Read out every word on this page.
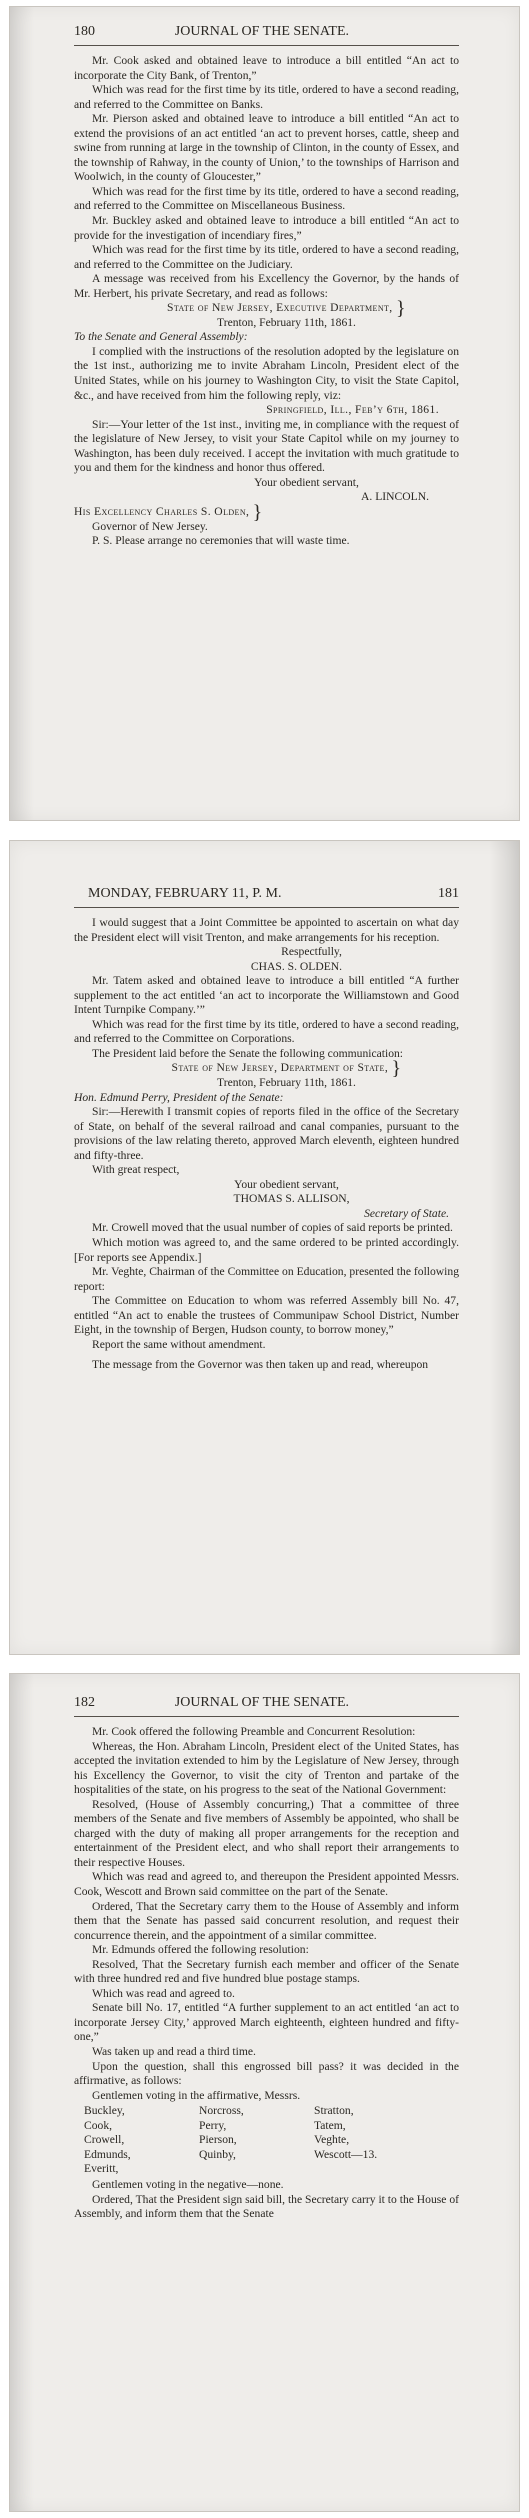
180	JOURNAL OF THE SENATE.

Mr. Cook asked and obtained leave to introduce a bill entitled “An act to incorporate the City Bank, of Trenton,”

Which was read for the first time by its title, ordered to have a second reading, and referred to the Committee on Banks.

Mr. Pierson asked and obtained leave to introduce a bill entitled “An act to extend the provisions of an act entitled ‘an act to prevent horses, cattle, sheep and swine from running at large in the township of Clinton, in the county of Essex, and the township of Rahway, in the county of Union,’ to the townships of Harrison and Woolwich, in the county of Gloucester,”

Which was read for the first time by its title, ordered to have a second reading, and referred to the Committee on Miscellaneous Business.

Mr. Buckley asked and obtained leave to introduce a bill entitled “An act to provide for the investigation of incendiary fires,”

Which was read for the first time by its title, ordered to have a second reading, and referred to the Committee on the Judiciary.

A message was received from his Excellency the Governor, by the hands of Mr. Herbert, his private Secretary, and read as follows:

State of New Jersey, Executive Department, }

Trenton, February 11th, 1861.

To the Senate and General Assembly:

I complied with the instructions of the resolution adopted by the legislature on the 1st inst., authorizing me to invite Abraham Lincoln, President elect of the United States, while on his journey to Washington City, to visit the State Capitol, &c., and have received from him the following reply, viz:

Springfield, Ill., Feb’y 6th, 1861.

Sir:—Your letter of the 1st inst., inviting me, in compliance with the request of the legislature of New Jersey, to visit your State Capitol while on my journey to Washington, has been duly received. I accept the invitation with much gratitude to you and them for the kindness and honor thus offered.

Your obedient servant,

A. LINCOLN.

His Excellency Charles S. Olden, }

Governor of New Jersey.

P. S. Please arrange no ceremonies that will waste time.

MONDAY, FEBRUARY 11, P. M.	181

I would suggest that a Joint Committee be appointed to ascertain on what day the President elect will visit Trenton, and make arrangements for his reception.

Respectfully,

CHAS. S. OLDEN.

Mr. Tatem asked and obtained leave to introduce a bill entitled “A further supplement to the act entitled ‘an act to incorporate the Williamstown and Good Intent Turnpike Company.’”

Which was read for the first time by its title, ordered to have a second reading, and referred to the Committee on Corporations.

The President laid before the Senate the following communication:

State of New Jersey, Department of State, }

Trenton, February 11th, 1861.

Hon. Edmund Perry, President of the Senate:

Sir:—Herewith I transmit copies of reports filed in the office of the Secretary of State, on behalf of the several railroad and canal companies, pursuant to the provisions of the law relating thereto, approved March eleventh, eighteen hundred and fifty-three.

With great respect,

Your obedient servant,

THOMAS S. ALLISON,

Secretary of State.

Mr. Crowell moved that the usual number of copies of said reports be printed.

Which motion was agreed to, and the same ordered to be printed accordingly. [For reports see Appendix.]

Mr. Veghte, Chairman of the Committee on Education, presented the following report:

The Committee on Education to whom was referred Assembly bill No. 47, entitled “An act to enable the trustees of Communipaw School District, Number Eight, in the township of Bergen, Hudson county, to borrow money,”

Report the same without amendment.

The message from the Governor was then taken up and read, whereupon

182	JOURNAL OF THE SENATE.

Mr. Cook offered the following Preamble and Concurrent Resolution:

Whereas, the Hon. Abraham Lincoln, President elect of the United States, has accepted the invitation extended to him by the Legislature of New Jersey, through his Excellency the Governor, to visit the city of Trenton and partake of the hospitalities of the state, on his progress to the seat of the National Government:

Resolved, (House of Assembly concurring,) That a committee of three members of the Senate and five members of Assembly be appointed, who shall be charged with the duty of making all proper arrangements for the reception and entertainment of the President elect, and who shall report their arrangements to their respective Houses.

Which was read and agreed to, and thereupon the President appointed Messrs. Cook, Wescott and Brown said committee on the part of the Senate.

Ordered, That the Secretary carry them to the House of Assembly and inform them that the Senate has passed said concurrent resolution, and request their concurrence therein, and the appointment of a similar committee.

Mr. Edmunds offered the following resolution:

Resolved, That the Secretary furnish each member and officer of the Senate with three hundred red and five hundred blue postage stamps.

Which was read and agreed to.

Senate bill No. 17, entitled “A further supplement to an act entitled ‘an act to incorporate Jersey City,’ approved March eighteenth, eighteen hundred and fifty-one,”

Was taken up and read a third time.

Upon the question, shall this engrossed bill pass? it was decided in the affirmative, as follows:

Gentlemen voting in the affirmative, Messrs.

Buckley,	Norcross,	Stratton,
Cook,	Perry,	Tatem,
Crowell,	Pierson,	Veghte,
Edmunds,	Quinby,	Wescott—13.
Everitt,

Gentlemen voting in the negative—none.

Ordered, That the President sign said bill, the Secretary carry it to the House of Assembly, and inform them that the Senate
